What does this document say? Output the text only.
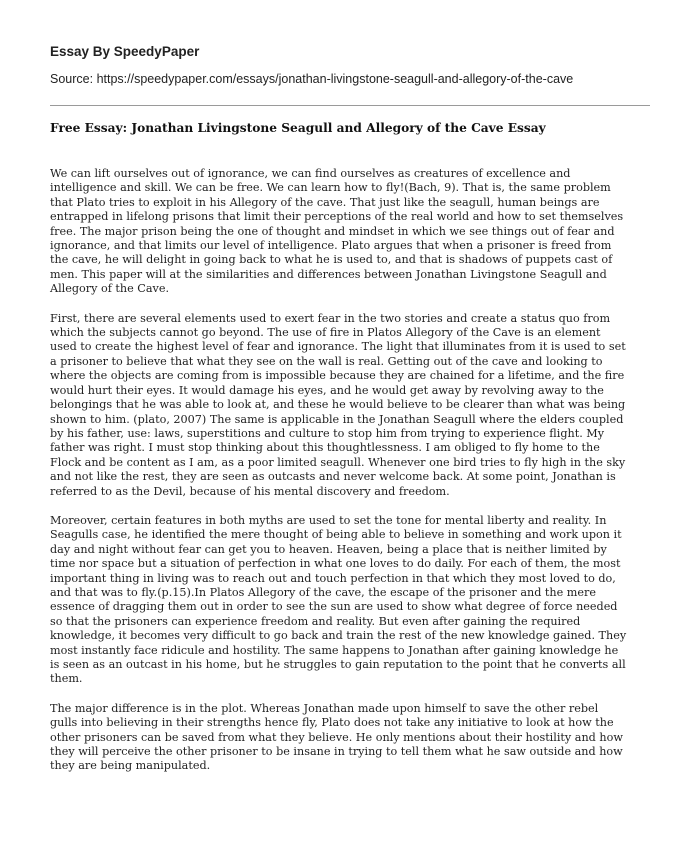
Essay By SpeedyPaper
Source: https://speedypaper.com/essays/jonathan-livingstone-seagull-and-allegory-of-the-cave
Free Essay: Jonathan Livingstone Seagull and Allegory of the Cave Essay

We can lift ourselves out of ignorance, we can find ourselves as creatures of excellence and
intelligence and skill. We can be free. We can learn how to fly!(Bach, 9). That is, the same problem
that Plato tries to exploit in his Allegory of the cave. That just like the seagull, human beings are
entrapped in lifelong prisons that limit their perceptions of the real world and how to set themselves
free. The major prison being the one of thought and mindset in which we see things out of fear and
ignorance, and that limits our level of intelligence. Plato argues that when a prisoner is freed from
the cave, he will delight in going back to what he is used to, and that is shadows of puppets cast of
men. This paper will at the similarities and differences between Jonathan Livingstone Seagull and
Allegory of the Cave.

First, there are several elements used to exert fear in the two stories and create a status quo from
which the subjects cannot go beyond. The use of fire in Platos Allegory of the Cave is an element
used to create the highest level of fear and ignorance. The light that illuminates from it is used to set
a prisoner to believe that what they see on the wall is real. Getting out of the cave and looking to
where the objects are coming from is impossible because they are chained for a lifetime, and the fire
would hurt their eyes. It would damage his eyes, and he would get away by revolving away to the
belongings that he was able to look at, and these he would believe to be clearer than what was being
shown to him. (plato, 2007) The same is applicable in the Jonathan Seagull where the elders coupled
by his father, use: laws, superstitions and culture to stop him from trying to experience flight. My
father was right. I must stop thinking about this thoughtlessness. I am obliged to fly home to the
Flock and be content as I am, as a poor limited seagull. Whenever one bird tries to fly high in the sky
and not like the rest, they are seen as outcasts and never welcome back. At some point, Jonathan is
referred to as the Devil, because of his mental discovery and freedom.

Moreover, certain features in both myths are used to set the tone for mental liberty and reality. In
Seagulls case, he identified the mere thought of being able to believe in something and work upon it
day and night without fear can get you to heaven. Heaven, being a place that is neither limited by
time nor space but a situation of perfection in what one loves to do daily. For each of them, the most
important thing in living was to reach out and touch perfection in that which they most loved to do,
and that was to fly.(p.15).In Platos Allegory of the cave, the escape of the prisoner and the mere
essence of dragging them out in order to see the sun are used to show what degree of force needed
so that the prisoners can experience freedom and reality. But even after gaining the required
knowledge, it becomes very difficult to go back and train the rest of the new knowledge gained. They
most instantly face ridicule and hostility. The same happens to Jonathan after gaining knowledge he
is seen as an outcast in his home, but he struggles to gain reputation to the point that he converts all
them.

The major difference is in the plot. Whereas Jonathan made upon himself to save the other rebel
gulls into believing in their strengths hence fly, Plato does not take any initiative to look at how the
other prisoners can be saved from what they believe. He only mentions about their hostility and how
they will perceive the other prisoner to be insane in trying to tell them what he saw outside and how
they are being manipulated.
